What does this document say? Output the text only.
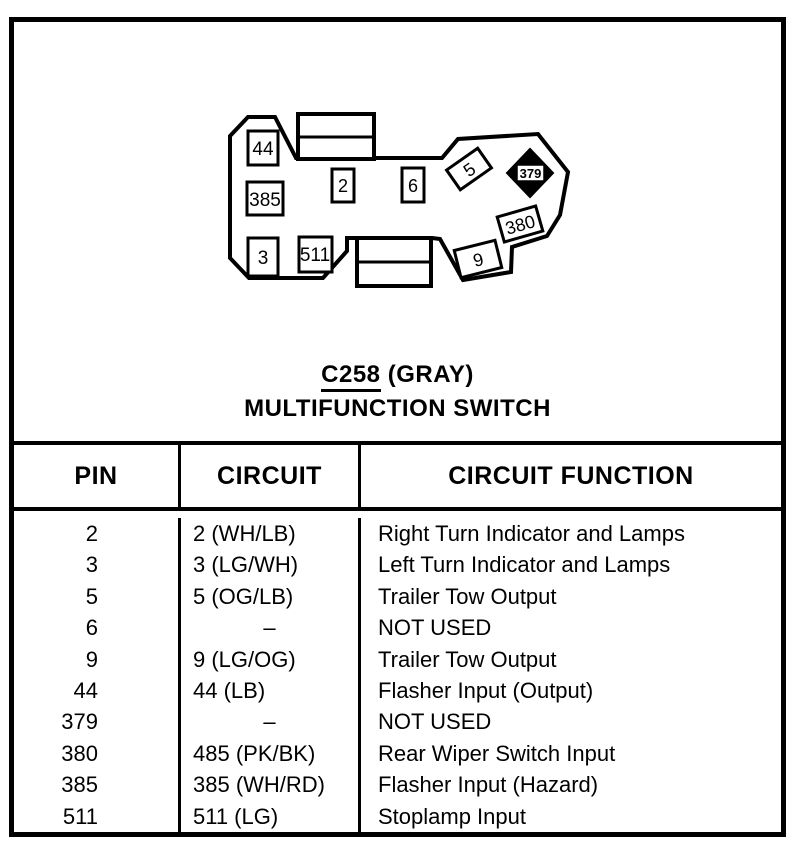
44
385
3 511
2	6
5	379
380
9
C258 (GRAY)
MULTIFUNCTION SWITCH
PIN	CIRCUIT	CIRCUIT FUNCTION
2	2 (WH/LB)	Right Turn Indicator and Lamps
3	3 (LG/WH)	Left Turn Indicator and Lamps
5	5 (OG/LB)	Trailer Tow Output
6	–	NOT USED
9	9 (LG/OG)	Trailer Tow Output
44	44 (LB)	Flasher Input (Output)
379	–	NOT USED
380	485 (PK/BK)	Rear Wiper Switch Input
385	385 (WH/RD)	Flasher Input (Hazard)
511	511 (LG)	Stoplamp Input
